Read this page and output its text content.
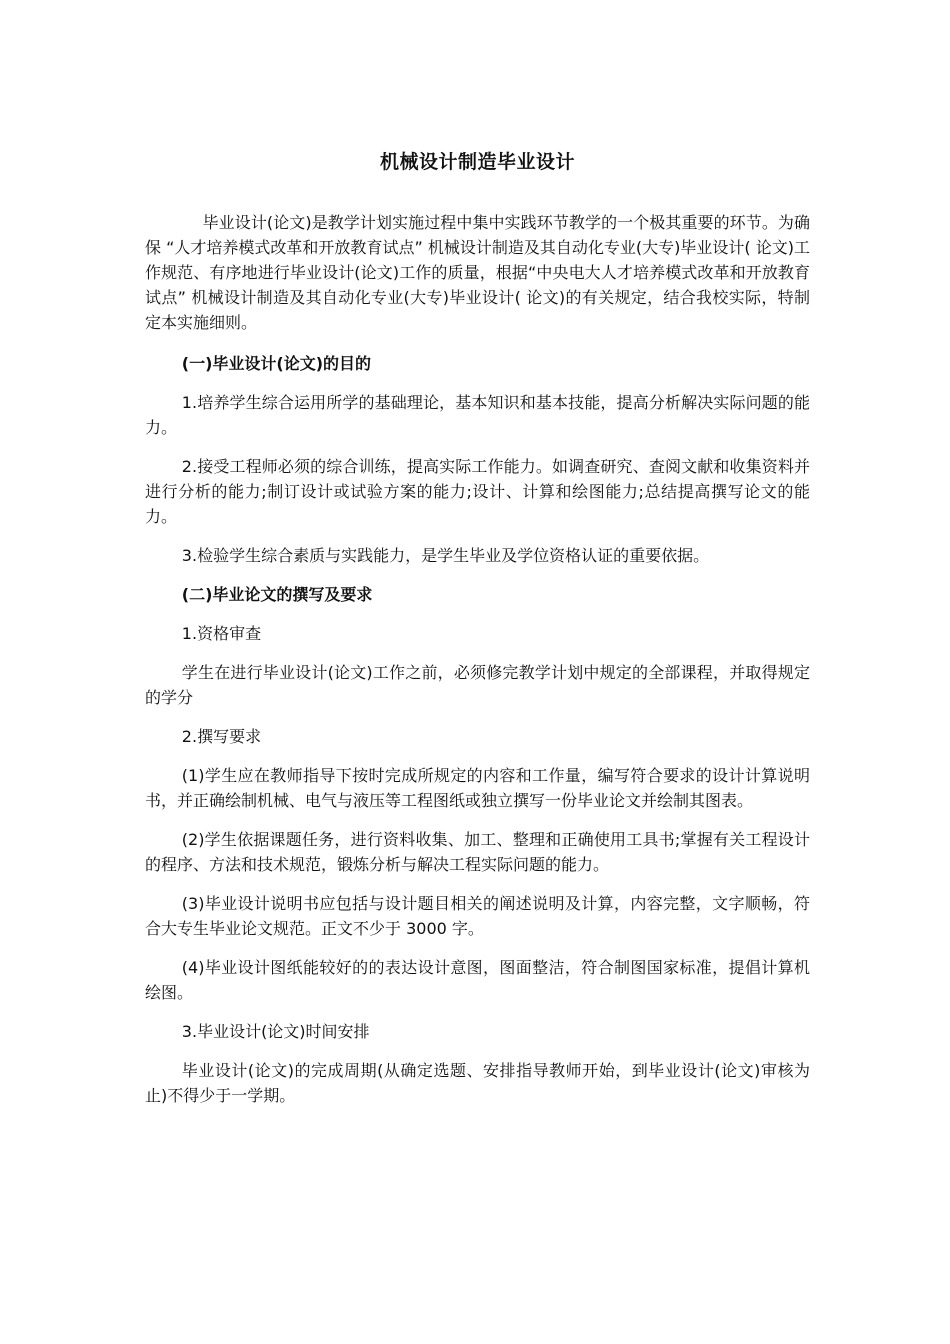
机械设计制造毕业设计

毕业设计(论文)是教学计划实施过程中集中实践环节教学的一个极其重要的环节。为确保 “人才培养模式改革和开放教育试点” 机械设计制造及其自动化专业(大专)毕业设计( 论文)工作规范、有序地进行毕业设计(论文)工作的质量，根据“中央电大人才培养模式改革和开放教育试点” 机械设计制造及其自动化专业(大专)毕业设计( 论文)的有关规定，结合我校实际，特制定本实施细则。

(一)毕业设计(论文)的目的

1.培养学生综合运用所学的基础理论，基本知识和基本技能，提高分析解决实际问题的能力。

2.接受工程师必须的综合训练，提高实际工作能力。如调查研究、查阅文献和收集资料并进行分析的能力;制订设计或试验方案的能力;设计、计算和绘图能力;总结提高撰写论文的能力。

3.检验学生综合素质与实践能力，是学生毕业及学位资格认证的重要依据。

(二)毕业论文的撰写及要求

1.资格审查

学生在进行毕业设计(论文)工作之前，必须修完教学计划中规定的全部课程，并取得规定的学分

2.撰写要求

(1)学生应在教师指导下按时完成所规定的内容和工作量，编写符合要求的设计计算说明书，并正确绘制机械、电气与液压等工程图纸或独立撰写一份毕业论文并绘制其图表。

(2)学生依据课题任务，进行资料收集、加工、整理和正确使用工具书;掌握有关工程设计的程序、方法和技术规范，锻炼分析与解决工程实际问题的能力。

(3)毕业设计说明书应包括与设计题目相关的阐述说明及计算，内容完整，文字顺畅，符合大专生毕业论文规范。正文不少于 3000 字。

(4)毕业设计图纸能较好的的表达设计意图，图面整洁，符合制图国家标准，提倡计算机绘图。

3.毕业设计(论文)时间安排

毕业设计(论文)的完成周期(从确定选题、安排指导教师开始，到毕业设计(论文)审核为止)不得少于一学期。
